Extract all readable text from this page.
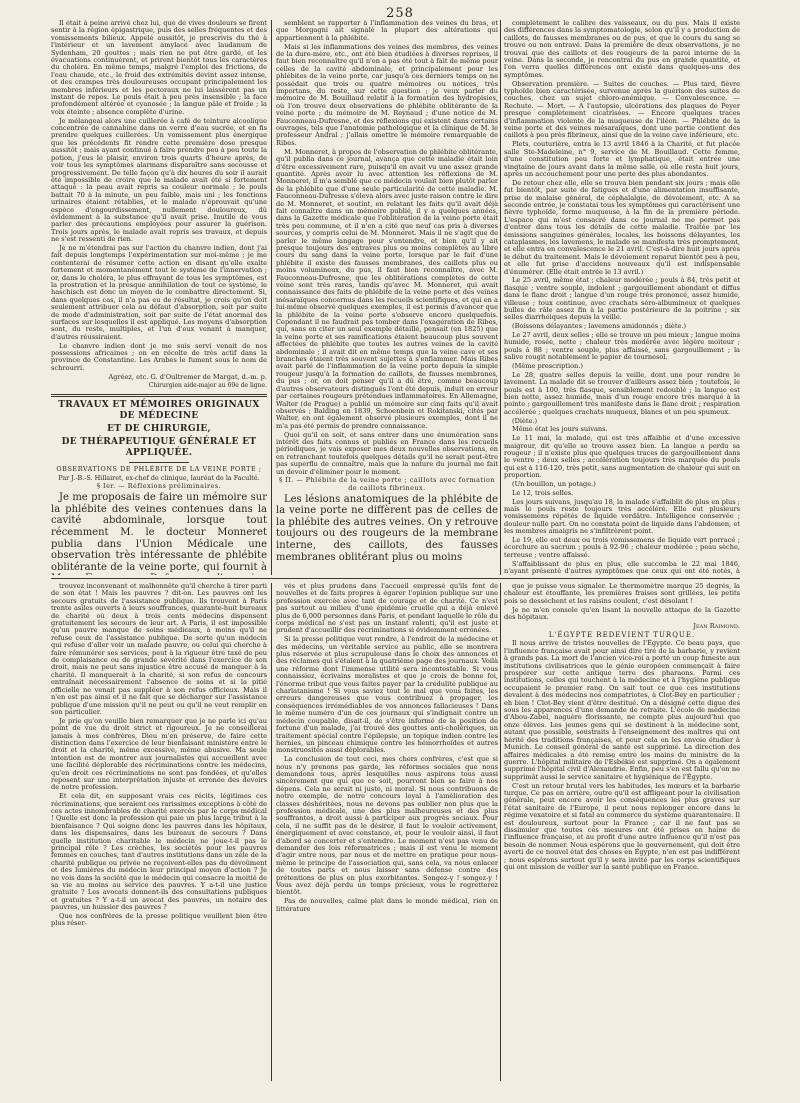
258

Il était à peine arrivé chez lui, que de vives douleurs se firent sentir à la région épigastrique, puis des selles fréquentes et des vomissements bilieux. Appelé aussitôt, je prescrivis du thé à l'intérieur et un lavement amylacé avec laudanum de Sydenham, 20 gouttes ; mais rien ne put être gardé, et les évacuations continuèrent, et prirent bientôt tous les caractères du choléra. En même temps, malgré l'emploi des frictions, de l'eau chaude, etc., le froid des extrémités devint assez intense, et des crampes très douloureuses occupant principalement les membres inférieurs et les pectoraux ne lui laissèrent pas un instant de repos. Le pouls était à peu près insensible ; la face profondément altérée et cyanosée ; la langue pâle et froide ; la voix éteinte ; absence complète d'urine.

Je mélangeai alors une cuillerée à café de teinture alcoolique concentrée de cannabine dans un verre d'eau sucrée, et en fis prendre quelques cuillerées. Un vomissement plus énergique que les précédents fit rendre cette première dose presque aussitôt ; mais ayant continué à faire prendre peu à peu toute la potion, j'eus le plaisir, environ trois quarts d'heure après, de voir tous les symptômes alarmans disparaître sans secousse et progressivement. De telle façon qu'à dix heures du soir il aurait été impossible de croire que le malade avait été si fortement attaqué : la peau avait repris sa couleur normale ; le pouls battait 70 à la minute, un peu faible, mais uni ; les fonctions urinaires étaient rétablies, et le malade n'éprouvait qu'une espèce d'engourdissement, nullement douloureux, dû évidemment à la substance qu'il avait prise. Inutile de vous parler des précautions employées pour assurer la guérison. Trois jours après, le malade avait repris ses travaux, et depuis ne s'est ressenti de rien.

Je ne m'étendrai pas sur l'action du chanvre indien, dont j'ai fait depuis longtemps l'expérimentation sur moi-même ; je me contenterai de résumer cette action en disant qu'elle exalte fortement et momentanément tout le système de l'innervation ; or, dans le choléra, le plus effrayant de tous les symptômes, est la prostration et la presque annihilation de tout ce système, le haschisch est donc un moyen de le combattre directement. Si, dans quelques cas, il n'a pas eu de résultat, je crois qu'on doit seulement attribuer cela au défaut d'absorption, soit par suite de mode d'administration, soit par suite de l'état anormal des surfaces sur lesquelles il est appliqué. Les moyens d'absorption sont, du reste, multiples, et l'un d'eux venant à manquer, d'autres réussiraient.

Le chanvre indien dont je me suis servi venait de nos possessions africaines ; on en récolte de très actif dans la province de Constantine. Les Arabes le fument sous le nom de schrourri.

Agréez, etc. G. d'Oultremer de Margat, d.-m. p.

Chirurgien aide-major au 69e de ligne.

TRAVAUX ET MÉMOIRES ORIGINAUX DE MÉDECINE
ET DE CHIRURGIE,
DE THÉRAPEUTIQUE GÉNÉRALE ET APPLIQUÉE.

OBSERVATIONS DE PHLÉBITE DE LA VEINE PORTE ;

Par J.-B.-S. Hillairet, ex-chef de clinique, lauréat de la Faculté.

§ Ier. — Réflexions préliminaires.

Je me proposais de faire un mémoire sur la phlébite des veines contenues dans la cavité abdominale, lorsque tout récemment M. le docteur Monneret publia dans l'Union Médicale une observation très intéressante de phlébite oblitérante de la veine porte, qui fournit à

semblent se rapporter à l'inflammation des veines du bras, et que Morgagni ait signalé la plupart des altérations qui appartiennent à la phlébite.

Mais si les inflammations des veines des membres, des veines de la dure-mère, etc., ont été bien étudiées à diverses reprises, il faut bien reconnaître qu'il n'en a pas été tout à fait de même pour celles de la cavité abdominale, et principalement pour les phlébites de la veine porte, car jusqu'à ces derniers temps on ne possédait que trois ou quatre mémoires ou notices, très importans, du reste, sur cette question ; je veux parler du mémoire de M. Bouillaud relatif à la formation des hydropisies, où l'on trouve deux observations de phlébite oblitérante de la veine porte ; du mémoire de M. Reynaud ; d'une notice de M. Fauconneau-Dufresne, et des réflexions qui existent dans certains ouvrages, tels que l'anatomie pathologique et la clinique de M. le professeur Andral ; j'allais omettre le mémoire remarquable de Ribes.

M. Monneret, à propos de l'observation de phlébite oblitérante, qu'il publia dans ce journal, avança que cette maladie était loin d'être excessivement rare, puisqu'il en avait vu une assez grande quantité. Après avoir lu avec attention les réflexions de M. Monneret, il m'a semblé que ce médecin voulait bien plutôt parler de la phlébite que d'une seule particularité de cette maladie. M. Fauconneau-Dufresse s'éleva alors avec juste raison contre le dire de M. Monneret, et soutint, en relatant les faits qu'il avait déjà fait connaître dans un mémoire publié, il y a quelques années, dans la Gazette médicale que l'oblitération de la veine porte était très peu commune, et il n'en a cité que neuf cas pris à diverses sources, y compris celui de M. Monneret. Mais il ne s'agit que de parler le même langage pour s'entendre, et bien qu'il y ait presque toujours des entraves plus ou moins complètes au libre cours du sang dans la veine porte, lorsque par le fait d'une phlébite il existe des fausses membranes, des caillots plus ou moins volumineux, du pus, il faut bien reconnaître, avec M. Fauconneau-Dufresne, que les oblitérations complètes de cette veine sont très rares, tandis qu'avec M. Monneret, qui avait connaissance des faits de phlébite de la veine porte et des veines mésaraïques concernus dans les recueils scientifiques, et qui en a lui-même observé quelques exemples, il est permis d'avancer que la phlébite de la veine porte s'observe encore quelquefois. Cependant il ne faudrait pas tomber dans l'exagération de Ribes, qui, sans en citer un seul exemple détaillé, pensait (en 1825) que la veine porte et ses ramifications étaient beaucoup plus souvent affectées de phlébite que toutes les autres veines de la cavité abdominale ; il avait dit en même temps que la veine cave et ses branches étaient très souvent sujettes à s'enflammer. Mais Ribes avait parlé de l'inflammation de la veine porte depuis la simple rougeur jusqu'à la formation de caillots, de fausses membranes, du pus ; or, on doit penser qu'il a dû être, comme beaucoup d'autres observateurs distingués l'ont été depuis, induit en erreur par certaines rougeurs prétendues inflammatoires. En Allemagne, Walter (de Prague) a publié un mémoire sur cinq faits qu'il avait observés ; Balding en 1839, Schoenbein et Rokitanski, cités par Walter, en ont également observé plusieurs exemples, dont il ne m'a pas été permis de prendre connaissance.

Quoi qu'il en soit, et sans entrer dans une énumération sans intérêt des faits connus et publiés en France dans les recueils périodiques, je vais exposer mes deux nouvelles observations, en en retranchant toutefois quelques détails qu'il ne serait peut-être pas superflu de connaître, mais que la nature du journal me fait un devoir d'éliminer pour le moment.

§ II. — Phlébite de la veine porte ; caillots avec formation de caillots fibrineux.

Les lésions anatomiques de la phlébite de la veine porte ne diffèrent pas de celles de la phlébite des autres veines. On y retrouve toujours ou des rougeurs de la membrane interne, des caillots, des fausses membranes oblitérant plus ou moins

complètement le calibre des vaisseaux, ou du pus. Mais il existe des différences dans la symptomatologie, selon qu'il y a production de caillots, de fausses membranes ou de pus, et que le cours du sang se trouve ou non entravé. Dans la première de deux observations, je ne trouvai que des caillots et des rougeurs de la paroi interne de la veine. Dans la seconde, je rencontrai du pus en grande quantité, et l'on verra quelles différences ont existé dans quelques-uns des symptômes.

Observation première. — Suites de couches. — Plus tard, fièvre typhoïde bien caractérisée, survenue après la guérison des suites de couches, chez un sujet chloro-anémique. — Convalescence. — Rechute. — Mort. — A l'autopsie, ulcérations des plaques de Peyer presque complètement cicatrisées. — Encore quelques traces d'inflammation violente de la muqueuse de l'iléon. — Phlébite de la veine porte et des veines mésaraïques, dont une partie contient des caillots à peu près fibrineux, ainsi que de la veine cave inférieure, etc.

Plets, couturière, entra le 13 avril 1846 à la Charité, et fut placée salle Ste-Madeleine, n° 9, service de M. Bouillaud. Cette femme, d'une constitution peu forte et lymphatique, était entrée une vingtaine de jours avant dans la même salle, où elle resta huit jours, après un accouchement pour une perte des plus abondantes.

De retour chez elle, elle se trouva bien pendant six jours ; mais elle fut bientôt, par suite de fatigues et d'une alimentation insuffisante, prise de malaise général, de céphalalgie, de dévoiement, etc. A sa seconde entrée, je constatai tous les symptômes qui caractérisent une fièvre typhoïde, forme muqueuse, à la fin de la première période. L'espace qui m'est consacré dans ce journal ne me permet pas d'entrer dans tous les détails de cette maladie. Traitée par les émissions sanguines générales, locales, les boissons délayantes, les cataplasmes, les lavemens, le malade se manifesta très promptement, et elle entra en convalescence le 21 avril. C'est-à-dire huit jours après le début du traitement. Mais le dévoiement reparut bientôt peu à peu, et elle fut prise d'accidens nouveaux qu'il est indispensable d'énumérer. (Elle était entrée le 13 avril.)

Le 25 avril, même état ; chaleur modérée ; pouls à 84, très petit et flasque ; ventre souple, indolent ; gargouillement abondant et diffus dans le flanc droit ; langue d'un rouge très prononcé, assez humide, villeuse ; toux continue, avec crachats séro-albumineux et quelques bulles de râle assez fin à la partie postérieure de la poitrine ; six selles diarrhéiques depuis la veille.

(Boissons délayantes ; lavemens amidonnés ; diète.)

Le 27 avril, deux selles ; elle se trouve un peu mieux ; langue moins humide, rosée, nette ; chaleur très modérée avec légère moiteur ; pouls à 88 ; ventre souple, plus affaissé, sans gargouillement ; la salive rougit notablement le papier de tournesol.

(Même prescription.)

Le 28, quatre selles depuis la veille, dont une pour rendre le lavement. La malade dit se trouver d'ailleurs assez bien ; toutefois, le pouls est à 100, très flasque, sensiblement redoublé ; la langue est bien nette, assez humide, mais d'un rouge encore très marqué à la pointe ; gargouillement très manifeste dans le flanc droit ; respiration accélérée ; quelques crachats muqueux, blancs et un peu spumeux.

(Diète.)

Même état les jours suivans.

Le 11 mai, la malade, qui est très affaiblie et d'une excessive maigreur, dit qu'elle se trouve assez bien. La langue a perdu sa rougeur ; il n'existe plus que quelques traces de gargouillement dans le ventre ; deux selles ; accélération toujours très marquée du pouls qui est à 116-120, très petit, sans augmentation de chaleur qui suit en proportion.

(Un bouillon, un potage.)

Le 12, trois selles.

Les jours suivans, jusqu'au 18, la malade s'affaiblit de plus en plus ; mais le pouls reste toujours très accéléré. Elle eut plusieurs vomissemens répétés de liquide verdâtre. Intelligence conservée ; douleur nulle part. On ne constata point de liquide dans l'abdomen, et les membres amaigris ne s'infiltrèrent point.

Le 19, elle eut deux ou trois vomissemens de liquide vert porracé ; écorchure au sacrum ; pouls à 92-96 ; chaleur modérée ; peau sèche, terreuse ; ventre affaissé.

S'affaiblissant de plus en plus, elle succomba le 22 mai 1846, n'ayant présenté d'autres symptômes que ceux qui ont été notés, à

trouvez inconvenant et malhonnête qu'il cherche à tirer parti de son état ! Mais les pauvres ? dit-on. Les pauvres ont les secours gratuits de l'assistance publique. Ils trouvent à Paris trente asiles ouverts à leurs souffrances, quarante-huit bureaux de charité où deux à trois cents médecins dispensent gratuitement les secours de leur art. A Paris, il est impossible qu'un pauvre manque de soins médicaux, à moins qu'il ne refuse ceux de l'assistance publique. De sorte qu'un médecin qui refuse d'aller voir un malade pauvre, ou celui qui cherche à faire rémunérer ses services, peut à la rigueur être taxé de peu de complaisance ou de grande sévérité dans l'exercice de son droit, mais ne peut sans injustice être accusé de manquer à la charité. Il manquerait à la charité, si son refus de concours entraînait nécessairement l'absence de soins et si la pitié officielle ne venait pas suppléer à son refus officieux. Mais il n'en est pas ainsi et il ne fait que se décharger sur l'assistance publique d'une mission qu'il ne peut ou qu'il ne veut remplir en son particulier.

Je prie qu'on veuille bien remarquer que je ne parle ici qu'au point de vue du droit strict et rigoureux. Je ne conseillerai jamais à mes confrères, Dieu m'en préserve, de faire cette distinction dans l'exercice de leur bienfaisant ministère entre le droit et la charité, même excessive, même abusive. Ma seule intention est de montrer aux journalistes qui accueillent avec une facilité déplorable des récriminations contre les médecins, qu'en droit ces récriminations ne sont pas fondées, et qu'elles reposent sur une interprétation injuste et erronée des devoirs de notre profession.

Et cela dit, en supposant vrais ces récits, légitimes ces récriminations, que seraient ces rarissimes exceptions à côté de ces actes innombrables de charité exercés par le corps médical ! Quelle est donc la profession qui paie un plus large tribut à la bienfaisance ? Qui soigne donc les pauvres dans les hôpitaux, dans les dispensaires, dans les bureaux de secours ? Dans quelle institution charitable le médecin ne joue-t-il pas le principal rôle ? Les crèches, les sociétés pour les pauvres femmes en couches, tant d'autres institutions dans un zèle de la charité publique ou privée ne reçoivent-elles pas du dévoûment et des lumières du médecin leur principal moyen d'action ? Je ne vois dans la société que le médecin qui consacre la moitié de sa vie au moins au service des pauvres. Y a-t-il une justice gratuite ? Les avocats donnent-ils des consultations publiques et gratuites ? Y a-t-il un avocat des pauvres, un notaire des pauvres, un huissier des pauvres ?

Que nos confrères de la presse politique veuillent bien être plus réser-

vés et plus prudens dans l'accueil empressé qu'ils font de nouvelles et de faits propres à égarer l'opinion publique sur une profession exercée avec tant de courage et de charité. Ce n'est pas surtout au milieu d'une épidémie cruelle qui a déjà enlevé plus de 6,000 personnes dans Paris, et pendant laquelle le rôle du corps médical ne s'est pas un instant ralenti, qu'il est juste et prudent d'accueillir des récriminations si évidemment erronées.

Si la presse politique veut rendre, à l'endroit de la médecine et des médecins, un véritable service au public, elle se montrera plus réservée et plus scrupuleuse dans le choix des annonces et des réclames qui s'étalent à la quatrième page des journaux. Voilà une réforme dont l'immense utilité sera incontestable. Si vous connaissiez, écrivains moralistes et que je crois de bonne foi, l'énorme tribut que vous faites payer par la crédulité publique au charlatanisme ! Si vous saviez tout le mal que vous faites, les erreurs dangereuses que vous contribuez à propager, les conséquences irrémédiables de vos annonces fallacieuses ! Dans le même numéro d'un de ces journaux qui s'indignait contre un médecin coupable, disait-il, de s'être informé de la position de fortune d'un malade, j'ai trouvé des gouttes anti-cholériques, un traitement spécial contre l'épilepsie, un topique indien contre les hernies, un pinceau chimique contre les hémorrhoïdes et autres monstruosités aussi déplorables.

La conclusion de tout ceci, mes chers confrères, c'est que si nous n'y prenons pas garde, les réformes sociales que nous demandons tous, après lesquelles nous aspirons tous aussi sincèrement que qui que ce soit, pourront bien se faire à nos dépens. Cela ne serait ni juste, ni moral. Si nous contribuons de notre exemple, de notre concours loyal à l'amélioration des classes déshéritées, nous ne devons pas oublier non plus que la profession médicale, une des plus malheureuses et des plus souffrantes, a droit aussi à participer aux progrès sociaux. Pour cela, il ne suffit pas de le désirer, il faut le vouloir activement, énergiquement et avec constance, et, pour le vouloir ainsi, il faut d'abord se concerter et s'entendre. Le moment n'est pas venu de demander des lois réformatrices ; mais il est venu le moment d'agir entre nous, par nous et de mettre en pratique pour nous-même le principe de l'association qui, sans cela, va nous enlacer de toutes parts et nous laisser sans défense contre des prétentions de plus en plus exorbitantes. Songez-y ! songez-y ! Vous avez déjà perdu un temps précieux, vous le regretterez bientôt.

Pas de nouvelles, calme plat dans le monde médical, rien en littérature

que je puisse vous signaler. Le thermomètre marque 25 degrés, la chaleur est étouffante, les premières fraises sont grillées, les petits pois se dessèchent et les raisins coulent, c'est désolant !

Je ne m'en console qu'en lisant la nouvelle attaque de la Gazette des hôpitaux.

Jean Raimond.

L'ÉGYPTE REDEVIENT TURQUE.

Il nous arrive de tristes nouvelles de l'Égypte. Ce beau pays, que l'influence française avait pour ainsi dire tiré de la barbarie, y revient à grands pas. La mort de l'ancien vice-roi a porté un coup funeste aux institutions civilisatrices que le génie européen commençait à faire prospérer sur cette antique terre des pharaons. Parmi ces institutions, celles qui touchent à la médecine et à l'hygiène publique occupaient le premier rang. On sait tout ce que ces institutions devaient à des médecins nos compatriotes, à Clot-Bey en particulier ; eh bien ! Clot-Bey vient d'être destitué. On a désigné cette digue des sous les apparences d'une demande de retraite. L'école de médecine d'Abou-Zabel, naguère florissante, ne compte plus aujourd'hui que onze élèves. Les jeunes gens qui se destinent à la médecine sont, autant que possible, soustraits à l'enseignement des maîtres qui ont hérité des traditions françaises, et pour cela on les envoie étudier à Munich. Le conseil général de santé est supprimé. La direction des affaires médicales a été remise entre les mains du ministre de la guerre. L'hôpital militaire de l'Esbékié est supprimé. On a également supprimé l'hôpital civil d'Alexandrie. Enfin, peu s'en est fallu qu'on ne supprimât aussi le service sanitaire et hygiénique de l'Égypte.

C'est un retour brutal vers les habitudes, les mœurs et la barbarie turque. Ce pas en arrière, outre qu'il est affligeant pour la civilisation générale, peut encore avoir les conséquences les plus graves sur l'état sanitaire de l'Europe, il peut nous replonger encore dans le régime vexatoire et si fatal au commerce du système quarantenaire. Il est douloureux, surtout pour la France ; car il ne faut pas se dissimuler que toutes ces mesures ont été prises en haine de l'influence française, et au profit d'une autre influence qu'il n'est pas besoin de nommer. Nous espérons que le gouvernement, qui doit être averti de ce nouvel état des choses en Égypte, n'en est pas indifférent ; nous espérons surtout qu'il y sera invité par les corps scientifiques qui ont mission de veiller sur la santé publique en France.
